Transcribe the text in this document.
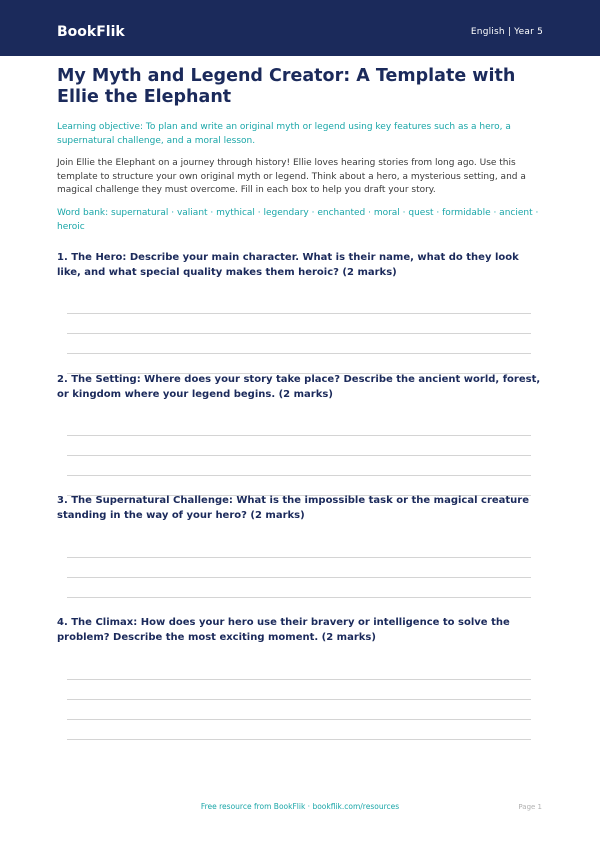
BookFlik	English | Year 5
My Myth and Legend Creator: A Template with Ellie the Elephant
Learning objective: To plan and write an original myth or legend using key features such as a hero, a supernatural challenge, and a moral lesson.
Join Ellie the Elephant on a journey through history! Ellie loves hearing stories from long ago. Use this template to structure your own original myth or legend. Think about a hero, a mysterious setting, and a magical challenge they must overcome. Fill in each box to help you draft your story.
Word bank: supernatural · valiant · mythical · legendary · enchanted · moral · quest · formidable · ancient · heroic
1. The Hero: Describe your main character. What is their name, what do they look like, and what special quality makes them heroic? (2 marks)
2. The Setting: Where does your story take place? Describe the ancient world, forest, or kingdom where your legend begins. (2 marks)
3. The Supernatural Challenge: What is the impossible task or the magical creature standing in the way of your hero? (2 marks)
4. The Climax: How does your hero use their bravery or intelligence to solve the problem? Describe the most exciting moment. (2 marks)
Free resource from BookFlik · bookflik.com/resources	Page 1
